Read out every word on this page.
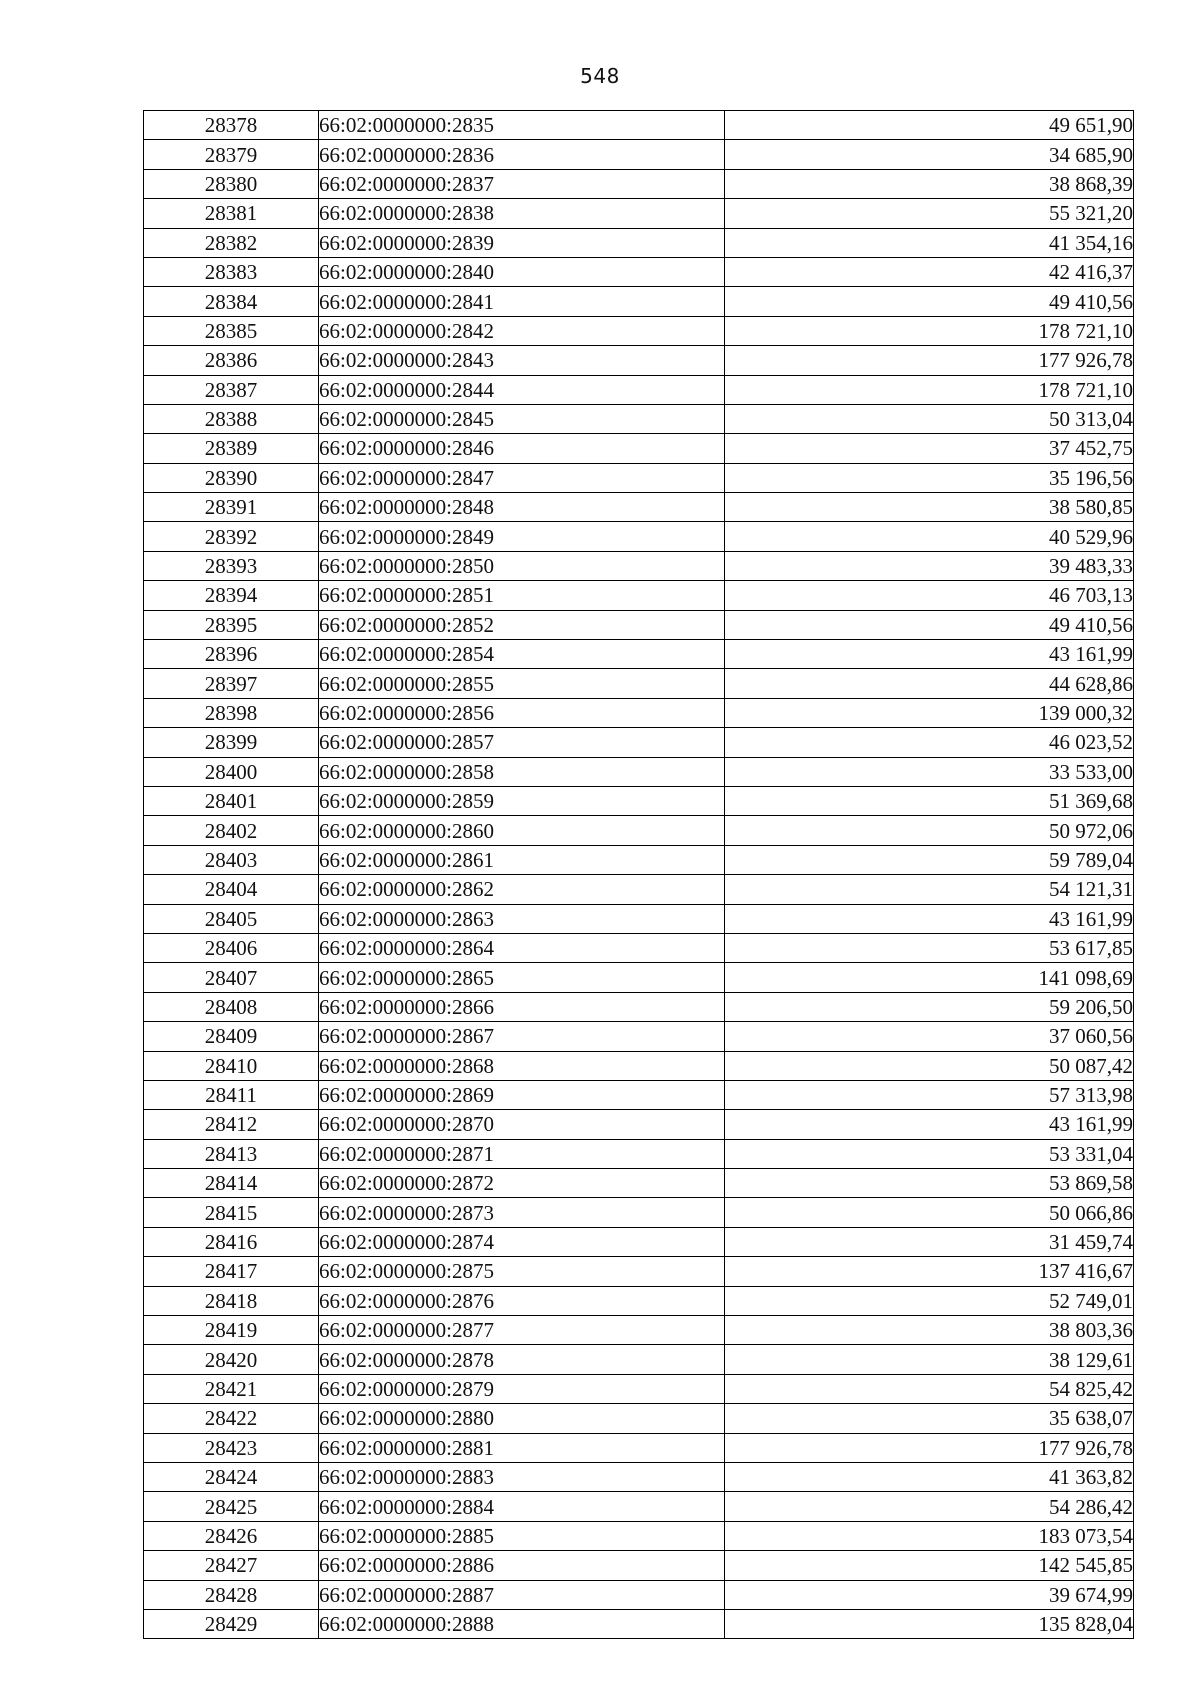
548
28378	66:02:0000000:2835	49 651,90
28379	66:02:0000000:2836	34 685,90
28380	66:02:0000000:2837	38 868,39
28381	66:02:0000000:2838	55 321,20
28382	66:02:0000000:2839	41 354,16
28383	66:02:0000000:2840	42 416,37
28384	66:02:0000000:2841	49 410,56
28385	66:02:0000000:2842	178 721,10
28386	66:02:0000000:2843	177 926,78
28387	66:02:0000000:2844	178 721,10
28388	66:02:0000000:2845	50 313,04
28389	66:02:0000000:2846	37 452,75
28390	66:02:0000000:2847	35 196,56
28391	66:02:0000000:2848	38 580,85
28392	66:02:0000000:2849	40 529,96
28393	66:02:0000000:2850	39 483,33
28394	66:02:0000000:2851	46 703,13
28395	66:02:0000000:2852	49 410,56
28396	66:02:0000000:2854	43 161,99
28397	66:02:0000000:2855	44 628,86
28398	66:02:0000000:2856	139 000,32
28399	66:02:0000000:2857	46 023,52
28400	66:02:0000000:2858	33 533,00
28401	66:02:0000000:2859	51 369,68
28402	66:02:0000000:2860	50 972,06
28403	66:02:0000000:2861	59 789,04
28404	66:02:0000000:2862	54 121,31
28405	66:02:0000000:2863	43 161,99
28406	66:02:0000000:2864	53 617,85
28407	66:02:0000000:2865	141 098,69
28408	66:02:0000000:2866	59 206,50
28409	66:02:0000000:2867	37 060,56
28410	66:02:0000000:2868	50 087,42
28411	66:02:0000000:2869	57 313,98
28412	66:02:0000000:2870	43 161,99
28413	66:02:0000000:2871	53 331,04
28414	66:02:0000000:2872	53 869,58
28415	66:02:0000000:2873	50 066,86
28416	66:02:0000000:2874	31 459,74
28417	66:02:0000000:2875	137 416,67
28418	66:02:0000000:2876	52 749,01
28419	66:02:0000000:2877	38 803,36
28420	66:02:0000000:2878	38 129,61
28421	66:02:0000000:2879	54 825,42
28422	66:02:0000000:2880	35 638,07
28423	66:02:0000000:2881	177 926,78
28424	66:02:0000000:2883	41 363,82
28425	66:02:0000000:2884	54 286,42
28426	66:02:0000000:2885	183 073,54
28427	66:02:0000000:2886	142 545,85
28428	66:02:0000000:2887	39 674,99
28429	66:02:0000000:2888	135 828,04
